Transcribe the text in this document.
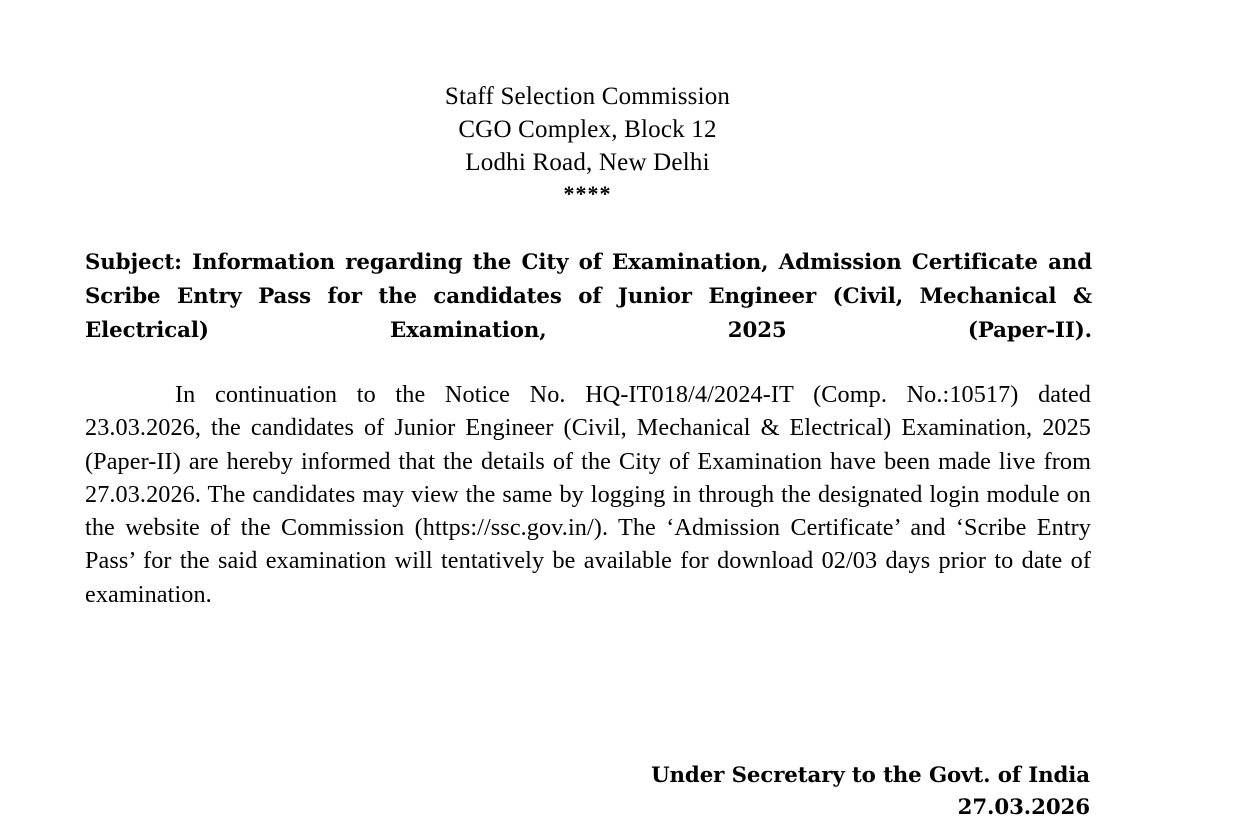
Staff Selection Commission
CGO Complex, Block 12
Lodhi Road, New Delhi
****
Subject: Information regarding the City of Examination, Admission Certificate and Scribe Entry Pass for the candidates of Junior Engineer (Civil, Mechanical & Electrical) Examination, 2025 (Paper-II).
In continuation to the Notice No. HQ-IT018/4/2024-IT (Comp. No.:10517) dated 23.03.2026, the candidates of Junior Engineer (Civil, Mechanical & Electrical) Examination, 2025 (Paper-II) are hereby informed that the details of the City of Examination have been made live from 27.03.2026. The candidates may view the same by logging in through the designated login module on the website of the Commission (https://ssc.gov.in/). The ‘Admission Certificate’ and ‘Scribe Entry Pass’ for the said examination will tentatively be available for download 02/03 days prior to date of examination.
Under Secretary to the Govt. of India
27.03.2026
